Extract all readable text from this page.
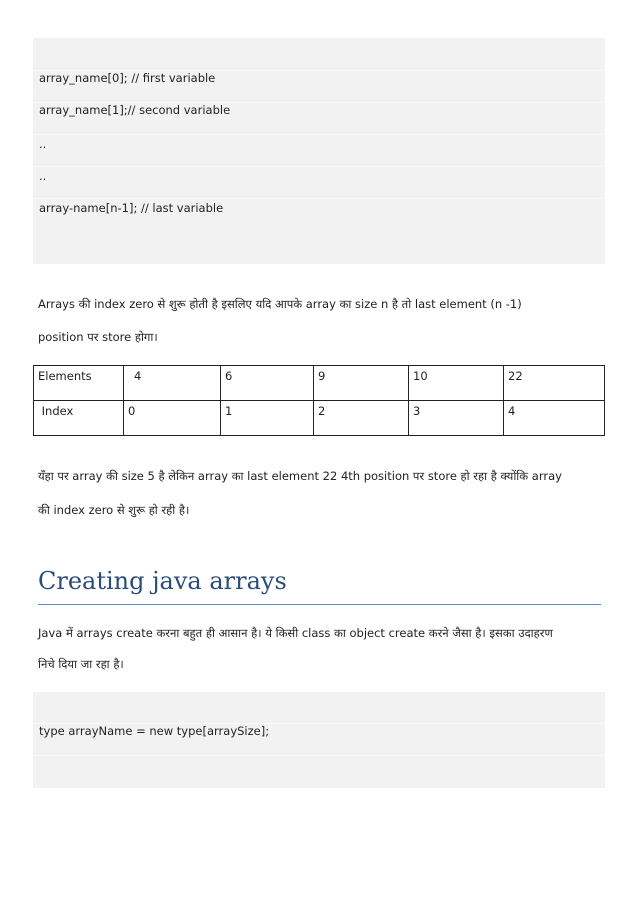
array_name[0]; // first variable
array_name[1];// second variable
..
..
array-name[n-1]; // last variable
Arrays की index zero से शुरू होती है इसलिए यदि आपके array का size n है तो last element (n -1)
position पर store होगा।
Elements	4	6	9	10	22
Index	0	1	2	3	4
यँहा पर array की size 5 है लेकिन array का last element 22 4th position पर store हो रहा है क्योंकि array
की index zero से शुरू हो रही है।
Creating java arrays
Java में arrays create करना बहुत ही आसान है। ये किसी class का object create करने जैसा है। इसका उदाहरण
निचे दिया जा रहा है।
type arrayName = new type[arraySize];
